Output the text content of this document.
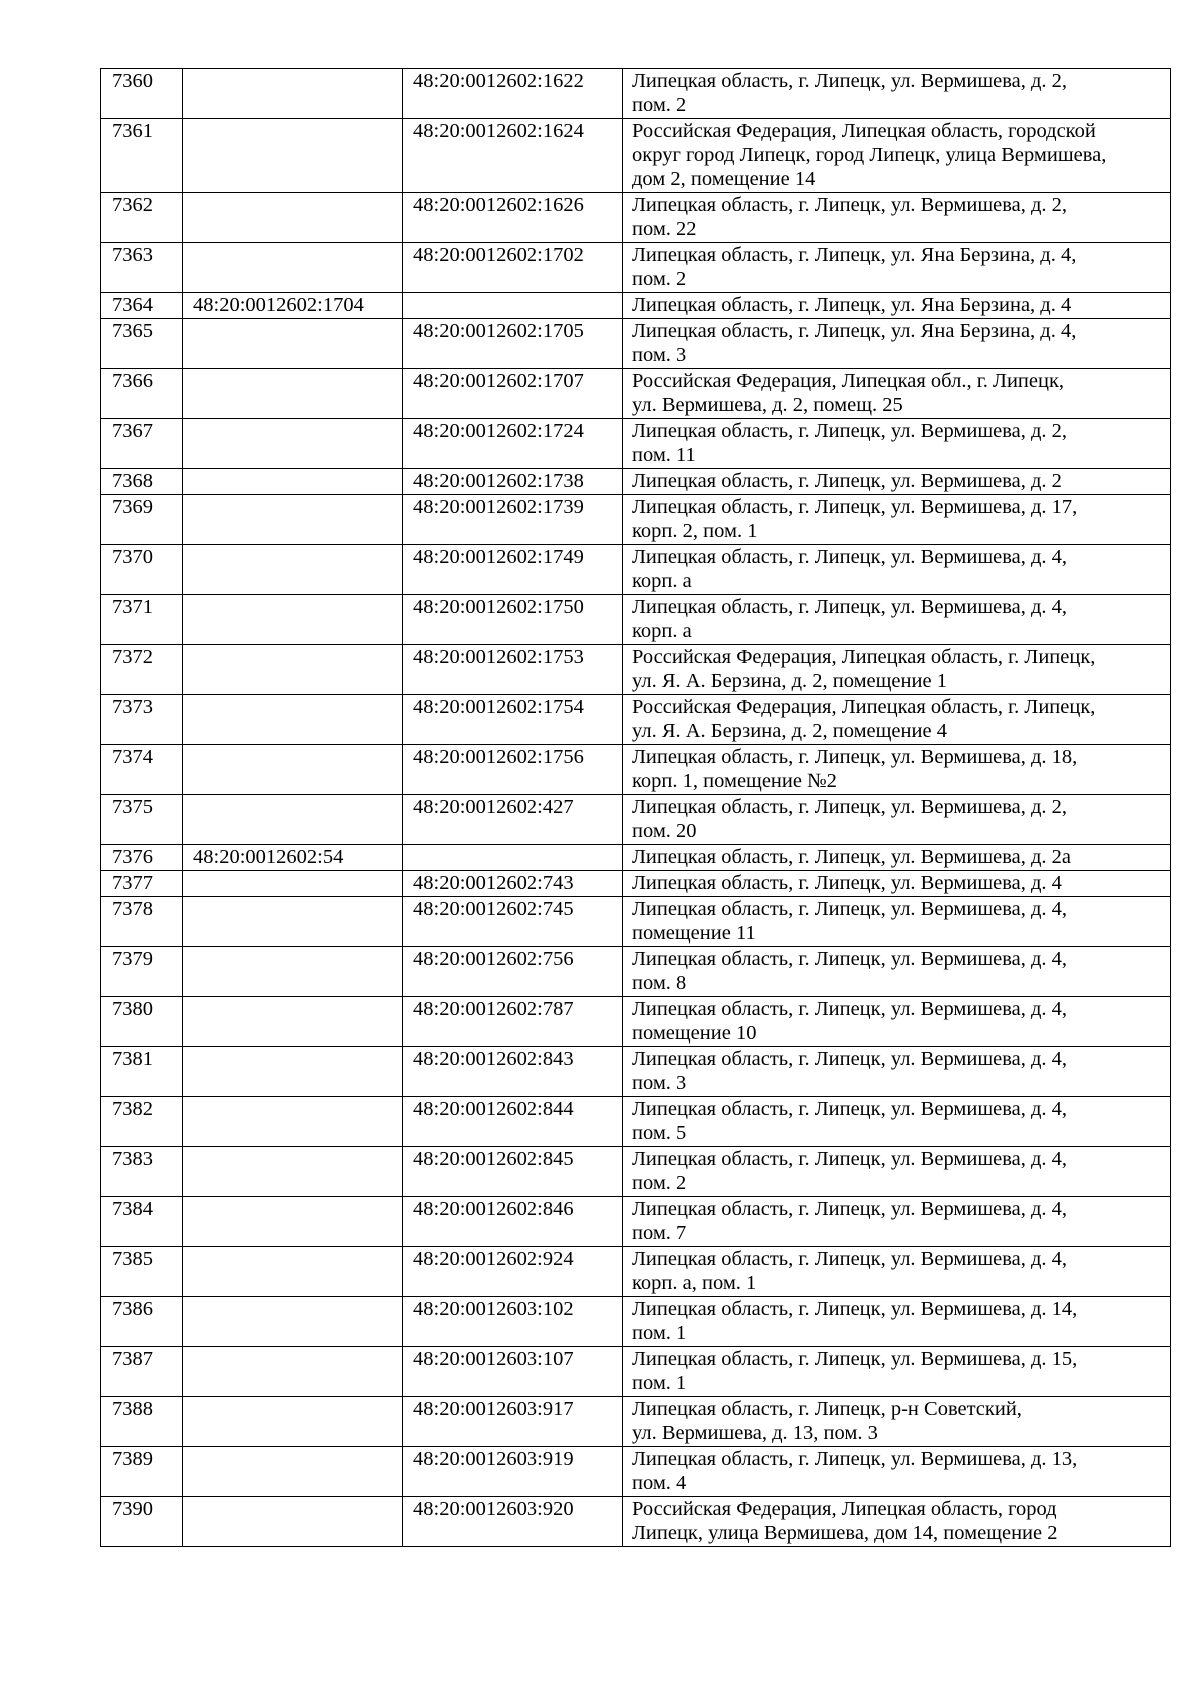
7360		48:20:0012602:1622	Липецкая область, г. Липецк, ул. Вермишева, д. 2,
пом. 2

7361		48:20:0012602:1624	Российская Федерация, Липецкая область, городской
округ город Липецк, город Липецк, улица Вермишева,
дом 2, помещение 14

7362		48:20:0012602:1626	Липецкая область, г. Липецк, ул. Вермишева, д. 2,
пом. 22

7363		48:20:0012602:1702	Липецкая область, г. Липецк, ул. Яна Берзина, д. 4,
пом. 2

7364	48:20:0012602:1704		Липецкая область, г. Липецк, ул. Яна Берзина, д. 4

7365		48:20:0012602:1705	Липецкая область, г. Липецк, ул. Яна Берзина, д. 4,
пом. 3

7366		48:20:0012602:1707	Российская Федерация, Липецкая обл., г. Липецк,
ул. Вермишева, д. 2, помещ. 25

7367		48:20:0012602:1724	Липецкая область, г. Липецк, ул. Вермишева, д. 2,
пом. 11

7368		48:20:0012602:1738	Липецкая область, г. Липецк, ул. Вермишева, д. 2

7369		48:20:0012602:1739	Липецкая область, г. Липецк, ул. Вермишева, д. 17,
корп. 2, пом. 1

7370		48:20:0012602:1749	Липецкая область, г. Липецк, ул. Вермишева, д. 4,
корп. а

7371		48:20:0012602:1750	Липецкая область, г. Липецк, ул. Вермишева, д. 4,
корп. а

7372		48:20:0012602:1753	Российская Федерация, Липецкая область, г. Липецк,
ул. Я. А. Берзина, д. 2, помещение 1

7373		48:20:0012602:1754	Российская Федерация, Липецкая область, г. Липецк,
ул. Я. А. Берзина, д. 2, помещение 4

7374		48:20:0012602:1756	Липецкая область, г. Липецк, ул. Вермишева, д. 18,
корп. 1, помещение №2

7375		48:20:0012602:427	Липецкая область, г. Липецк, ул. Вермишева, д. 2,
пом. 20

7376	48:20:0012602:54		Липецкая область, г. Липецк, ул. Вермишева, д. 2а

7377		48:20:0012602:743	Липецкая область, г. Липецк, ул. Вермишева, д. 4

7378		48:20:0012602:745	Липецкая область, г. Липецк, ул. Вермишева, д. 4,
помещение 11

7379		48:20:0012602:756	Липецкая область, г. Липецк, ул. Вермишева, д. 4,
пом. 8

7380		48:20:0012602:787	Липецкая область, г. Липецк, ул. Вермишева, д. 4,
помещение 10

7381		48:20:0012602:843	Липецкая область, г. Липецк, ул. Вермишева, д. 4,
пом. 3

7382		48:20:0012602:844	Липецкая область, г. Липецк, ул. Вермишева, д. 4,
пом. 5

7383		48:20:0012602:845	Липецкая область, г. Липецк, ул. Вермишева, д. 4,
пом. 2

7384		48:20:0012602:846	Липецкая область, г. Липецк, ул. Вермишева, д. 4,
пом. 7

7385		48:20:0012602:924	Липецкая область, г. Липецк, ул. Вермишева, д. 4,
корп. а, пом. 1

7386		48:20:0012603:102	Липецкая область, г. Липецк, ул. Вермишева, д. 14,
пом. 1

7387		48:20:0012603:107	Липецкая область, г. Липецк, ул. Вермишева, д. 15,
пом. 1

7388		48:20:0012603:917	Липецкая область, г. Липецк, р-н Советский,
ул. Вермишева, д. 13, пом. 3

7389		48:20:0012603:919	Липецкая область, г. Липецк, ул. Вермишева, д. 13,
пом. 4

7390		48:20:0012603:920	Российская Федерация, Липецкая область, город
Липецк, улица Вермишева, дом 14, помещение 2
